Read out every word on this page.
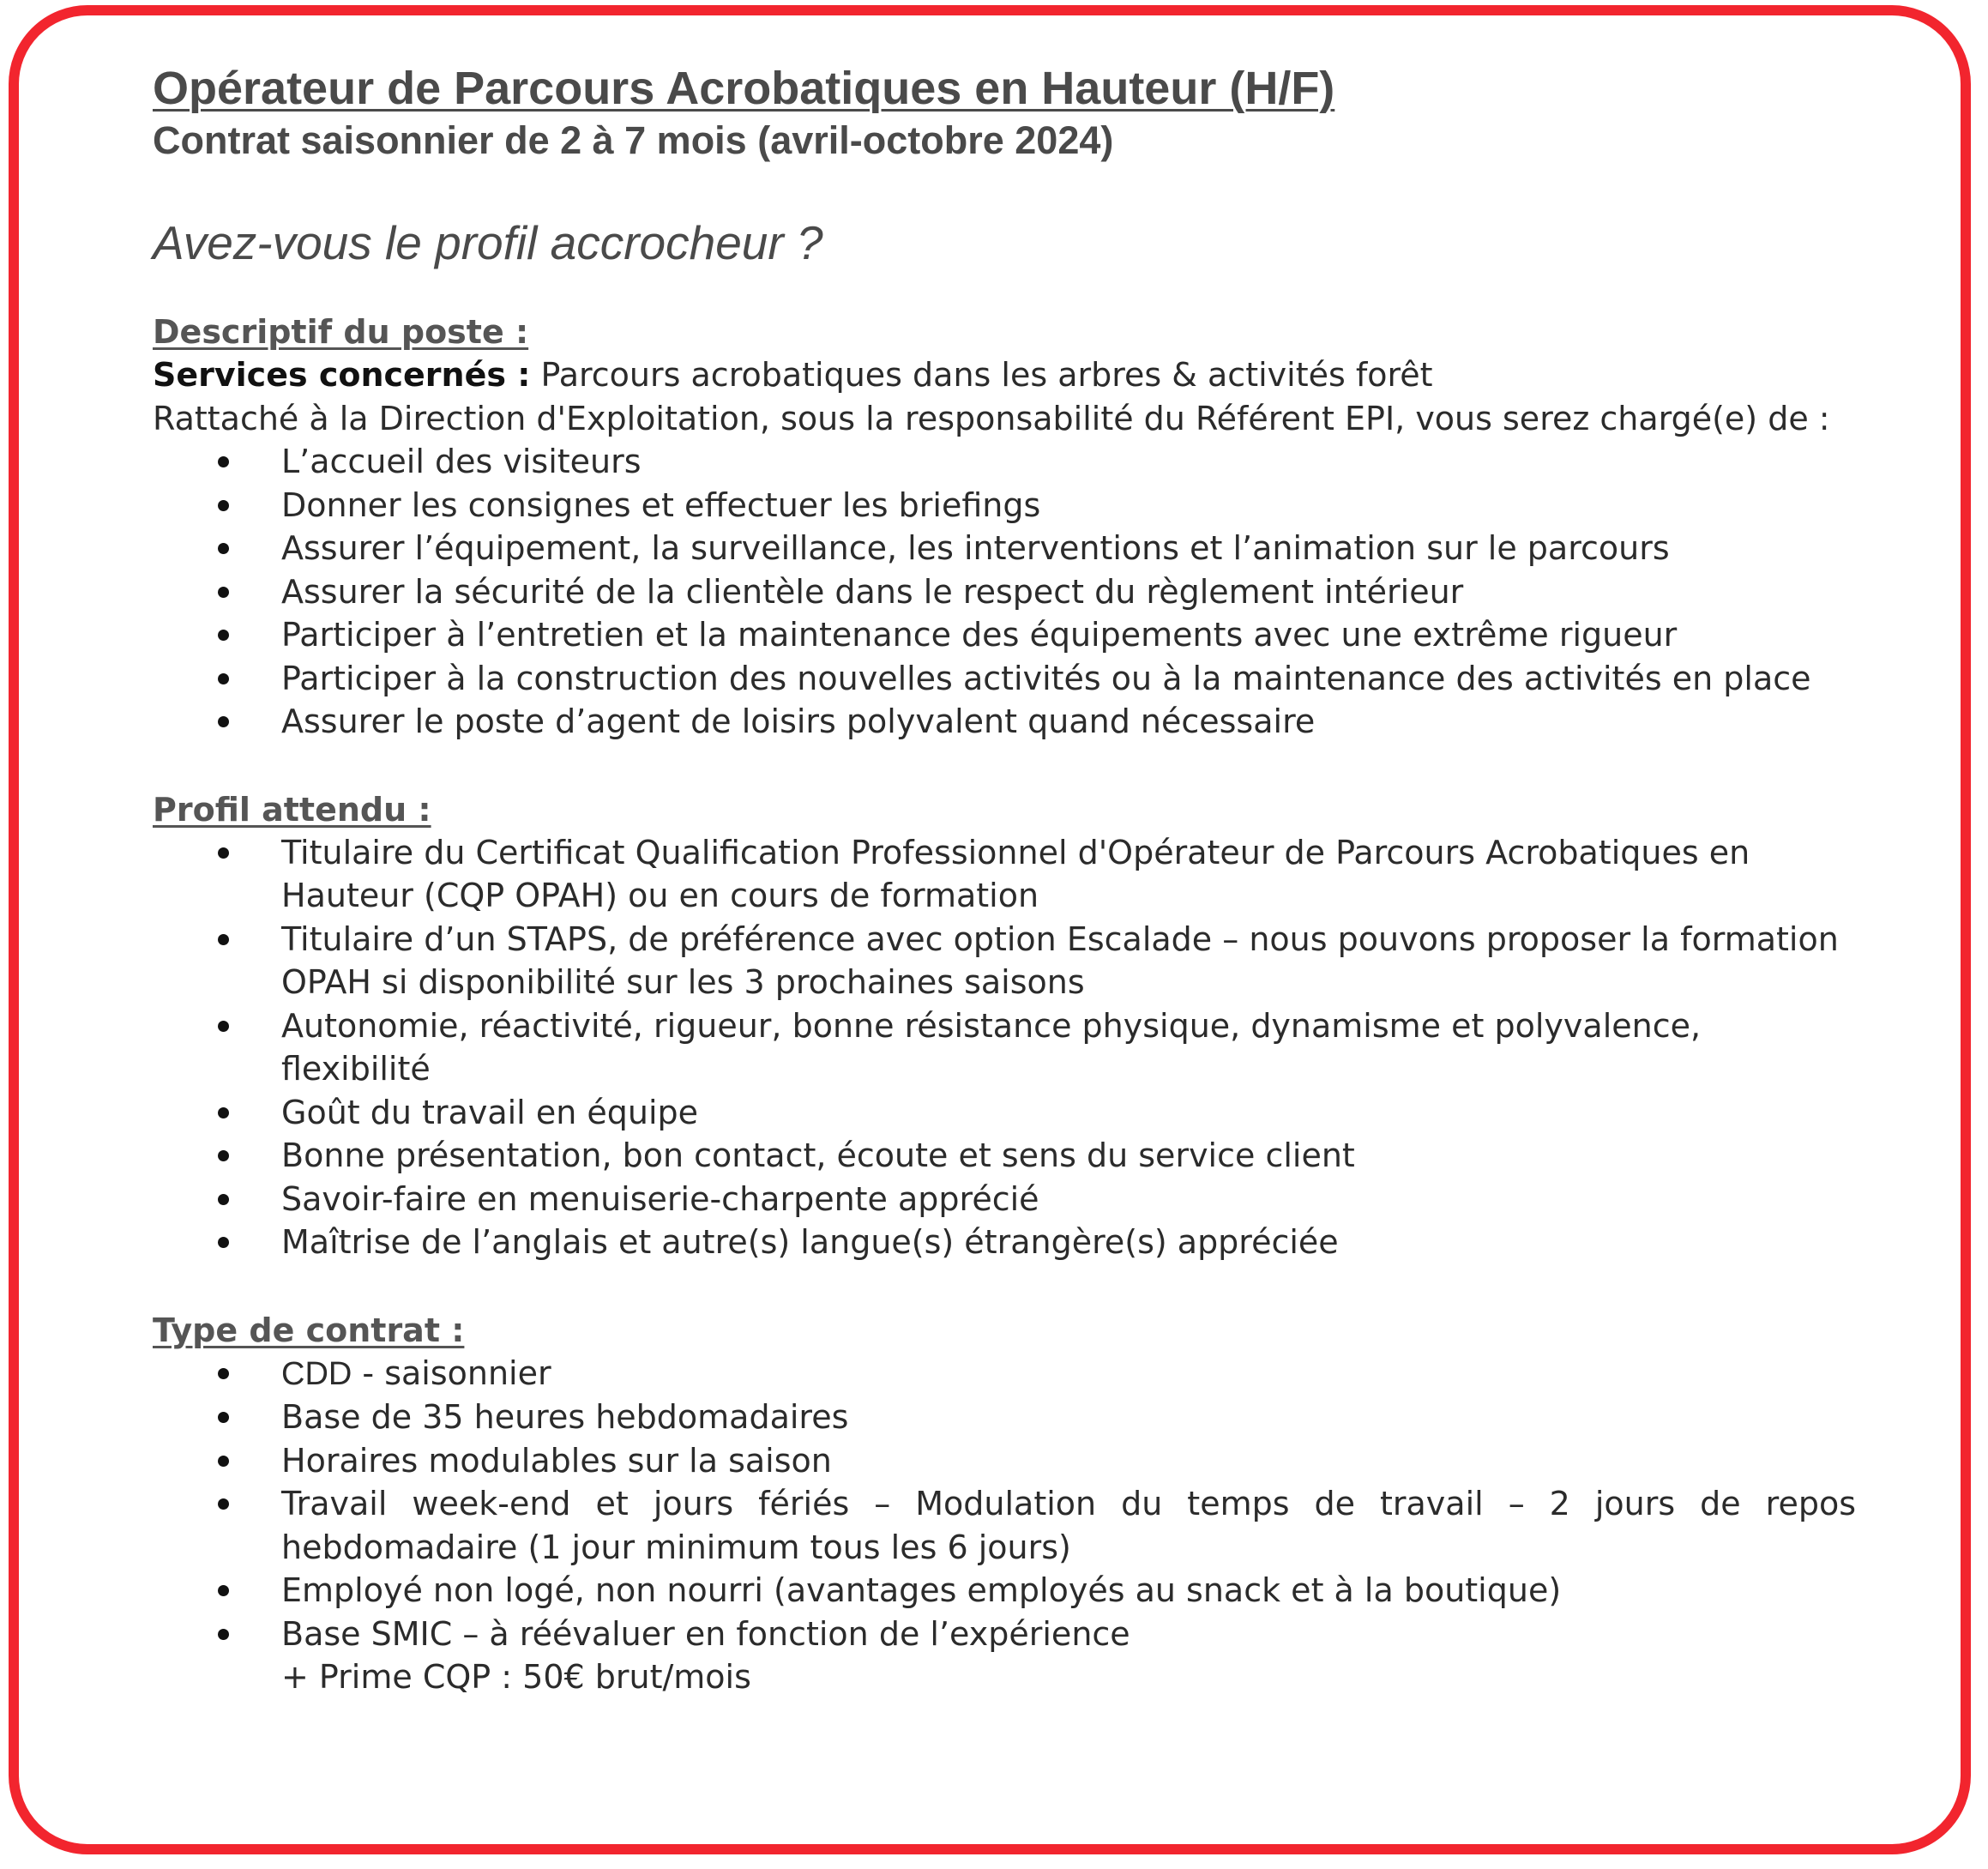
Opérateur de Parcours Acrobatiques en Hauteur (H/F)

Contrat saisonnier de 2 à 7 mois (avril-octobre 2024)

Avez-vous le profil accrocheur ?

Descriptif du poste :

Services concernés : Parcours acrobatiques dans les arbres & activités forêt

Rattaché à la Direction d'Exploitation, sous la responsabilité du Référent EPI, vous serez chargé(e) de :

L’accueil des visiteurs
Donner les consignes et effectuer les briefings
Assurer l’équipement, la surveillance, les interventions et l’animation sur le parcours
Assurer la sécurité de la clientèle dans le respect du règlement intérieur
Participer à l’entretien et la maintenance des équipements avec une extrême rigueur
Participer à la construction des nouvelles activités ou à la maintenance des activités en place
Assurer le poste d’agent de loisirs polyvalent quand nécessaire
Profil attendu :
Titulaire du Certificat Qualification Professionnel d'Opérateur de Parcours Acrobatiques en Hauteur (CQP OPAH) ou en cours de formation
Titulaire d’un STAPS, de préférence avec option Escalade – nous pouvons proposer la formation OPAH si disponibilité sur les 3 prochaines saisons
Autonomie, réactivité, rigueur, bonne résistance physique, dynamisme et polyvalence, flexibilité
Goût du travail en équipe
Bonne présentation, bon contact, écoute et sens du service client
Savoir-faire en menuiserie-charpente apprécié
Maîtrise de l’anglais et autre(s) langue(s) étrangère(s) appréciée
Type de contrat :
CDD - saisonnier
Base de 35 heures hebdomadaires
Horaires modulables sur la saison
Travail week-end et jours fériés – Modulation du temps de travail – 2 jours de repos hebdomadaire (1 jour minimum tous les 6 jours)
Employé non logé, non nourri (avantages employés au snack et à la boutique)
Base SMIC – à réévaluer en fonction de l’expérience
+ Prime CQP : 50€ brut/mois
